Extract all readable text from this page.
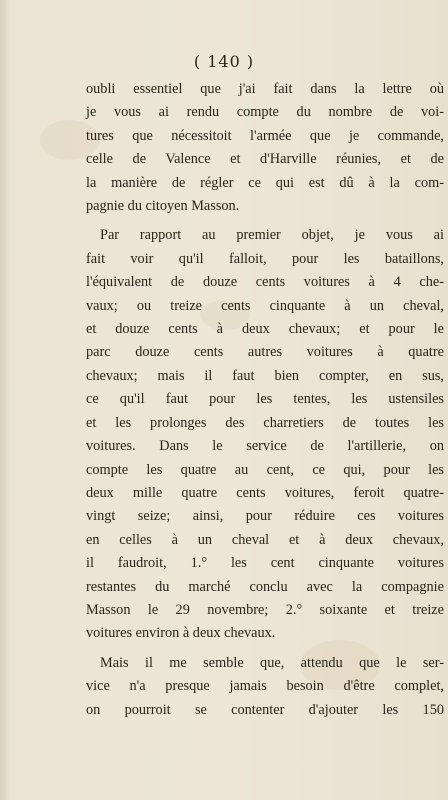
( 140 )
oubli essentiel que j'ai fait dans la lettre où
je vous ai rendu compte du nombre de voi-
tures que nécessitoit l'armée que je commande,
celle de Valence et d'Harville réunies, et de
la manière de régler ce qui est dû à la com-
pagnie du citoyen Masson.
Par rapport au premier objet, je vous ai
fait voir qu'il falloit, pour les bataillons,
l'équivalent de douze cents voitures à 4 che-
vaux; ou treize cents cinquante à un cheval,
et douze cents à deux chevaux; et pour le
parc douze cents autres voitures à quatre
chevaux; mais il faut bien compter, en sus,
ce qu'il faut pour les tentes, les ustensiles
et les prolonges des charretiers de toutes les
voitures. Dans le service de l'artillerie, on
compte les quatre au cent, ce qui, pour les
deux mille quatre cents voitures, feroit quatre-
vingt seize; ainsi, pour réduire ces voitures
en celles à un cheval et à deux chevaux,
il faudroit, 1.° les cent cinquante voitures
restantes du marché conclu avec la compagnie
Masson le 29 novembre; 2.° soixante et treize
voitures environ à deux chevaux.
Mais il me semble que, attendu que le ser-
vice n'a presque jamais besoin d'être complet,
on pourroit se contenter d'ajouter les 150
